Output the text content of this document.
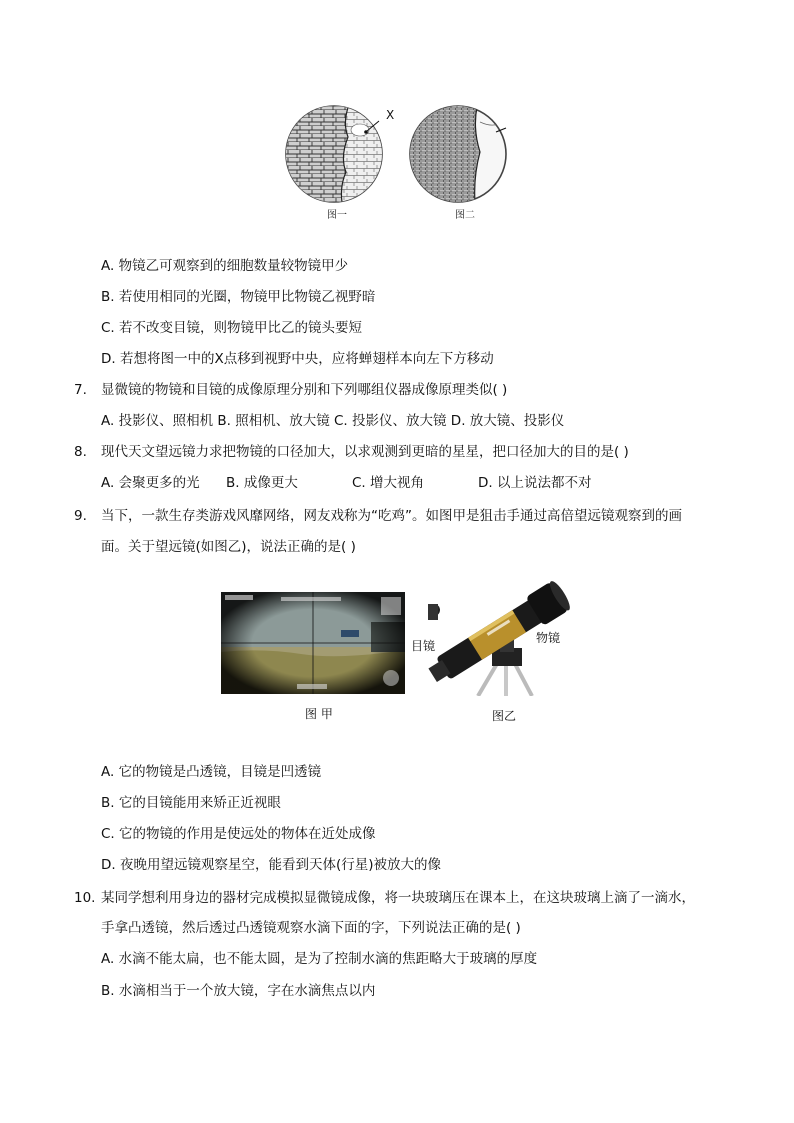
X
图一	图二
A. 物镜乙可观察到的细胞数量较物镜甲少
B. 若使用相同的光圈，物镜甲比物镜乙视野暗
C. 若不改变目镜，则物镜甲比乙的镜头要短
D. 若想将图一中的X点移到视野中央，应将蝉翅样本向左下方移动
7. 显微镜的物镜和目镜的成像原理分别和下列哪组仪器成像原理类似( )
A. 投影仪、照相机 B. 照相机、放大镜 C. 投影仪、放大镜 D. 放大镜、投影仪
8. 现代天文望远镜力求把物镜的口径加大，以求观测到更暗的星星，把口径加大的目的是( )
A. 会聚更多的光 B. 成像更大	C. 增大视角	D. 以上说法都不对
9. 当下，一款生存类游戏风靡网络，网友戏称为“吃鸡”。如图甲是狙击手通过高倍望远镜观察到的画
面。关于望远镜(如图乙)，说法正确的是( )
图 甲
目镜
物镜
图乙
A. 它的物镜是凸透镜，目镜是凹透镜
B. 它的目镜能用来矫正近视眼
C. 它的物镜的作用是使远处的物体在近处成像
D. 夜晚用望远镜观察星空，能看到天体(行星)被放大的像
10. 某同学想利用身边的器材完成模拟显微镜成像，将一块玻璃压在课本上，在这块玻璃上滴了一滴水，
手拿凸透镜，然后透过凸透镜观察水滴下面的字，下列说法正确的是( )
A. 水滴不能太扁，也不能太圆，是为了控制水滴的焦距略大于玻璃的厚度
B. 水滴相当于一个放大镜，字在水滴焦点以内
